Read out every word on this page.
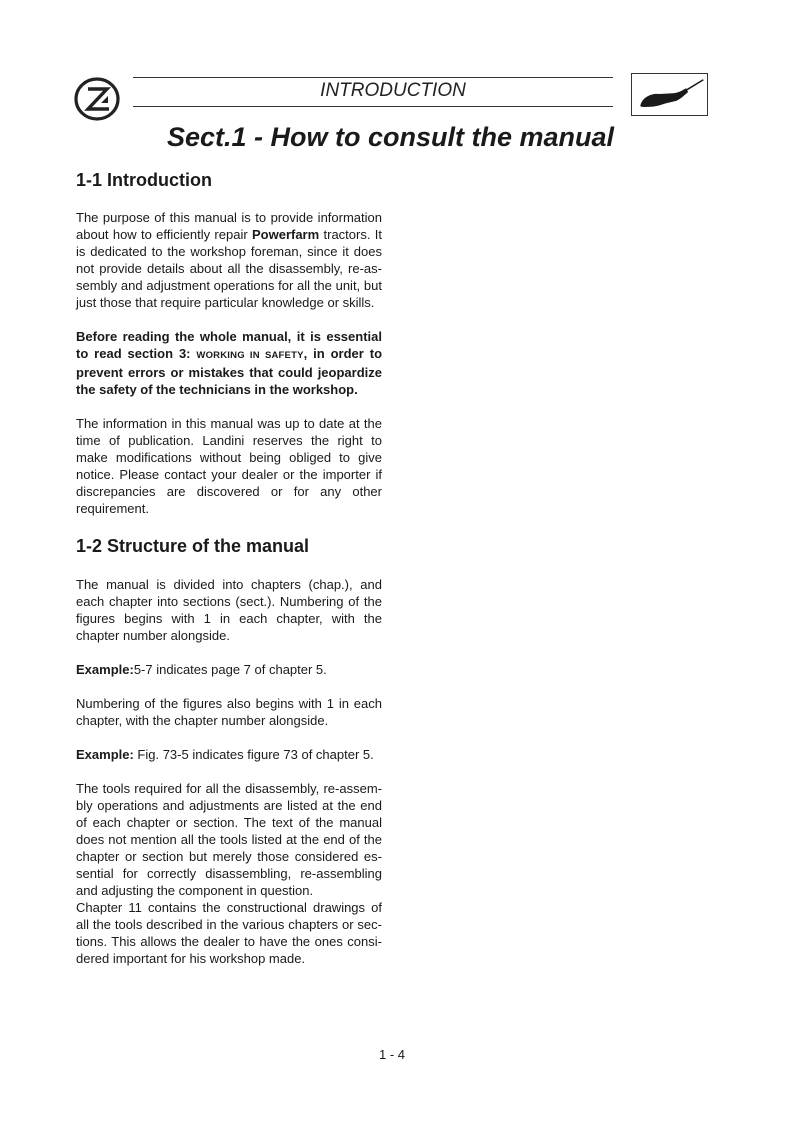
INTRODUCTION
Sect.1 - How to consult the manual
1-1 Introduction

The purpose of this manual is to provide information about how to efficiently repair Powerfarm tractors. It is dedicated to the workshop foreman, since it does not provide details about all the disassembly, re-assembly and adjustment operations for all the unit, but just those that require particular knowledge or skills.

Before reading the whole manual, it is essential to read section 3: WORKING IN SAFETY, in order to prevent errors or mistakes that could jeopardize the safety of the technicians in the workshop.

The information in this manual was up to date at the time of publication. Landini reserves the right to make modifications without being obliged to give notice. Please contact your dealer or the importer if discrepancies are discovered or for any other requirement.

1-2 Structure of the manual

The manual is divided into chapters (chap.), and each chapter into sections (sect.). Numbering of the figures begins with 1 in each chapter, with the chapter number alongside.

Example:5-7 indicates page 7 of chapter 5.

Numbering of the figures also begins with 1 in each chapter, with the chapter number alongside.

Example: Fig. 73-5 indicates figure 73 of chapter 5.

The tools required for all the disassembly, re-assembly operations and adjustments are listed at the end of each chapter or section. The text of the manual does not mention all the tools listed at the end of the chapter or section but merely those considered essential for correctly disassembling, re-assembling and adjusting the component in question.

Chapter 11 contains the constructional drawings of all the tools described in the various chapters or sections. This allows the dealer to have the ones considered important for his workshop made.

1 - 4
